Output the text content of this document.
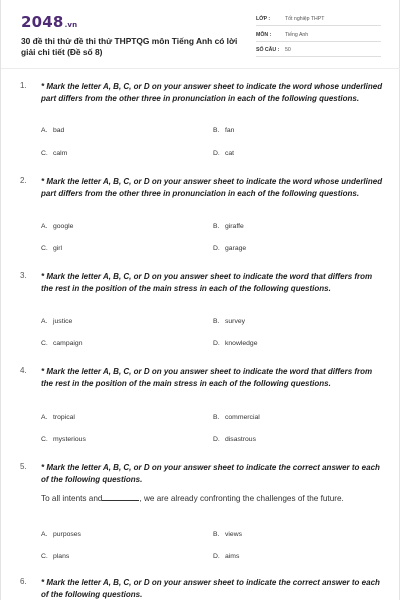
2048.vn
30 đề thi thử đề thi thử THPTQG môn Tiếng Anh có lời giải chi tiết (Đề số 8)
LỚP :	Tốt nghiệp THPT
MÔN :	Tiếng Anh
SỐ CÂU : 50
1. * Mark the letter A, B, C, or D on your answer sheet to indicate the word whose underlined part differs from the other three in pronunciation in each of the following questions.
A. bad	B. fan
C. calm	D. cat
2. * Mark the letter A, B, C, or D on your answer sheet to indicate the word whose underlined part differs from the other three in pronunciation in each of the following questions.
A. google	B. giraffe
C. girl	D. garage
3. * Mark the letter A, B, C, or D on you answer sheet to indicate the word that differs from the rest in the position of the main stress in each of the following questions.
A. justice	B. survey
C. campaign	D. knowledge
4. * Mark the letter A, B, C, or D on you answer sheet to indicate the word that differs from the rest in the position of the main stress in each of the following questions.
A. tropical	B. commercial
C. mysterious	D. disastrous
5. * Mark the letter A, B, C, or D on your answer sheet to indicate the correct answer to each of the following questions.
To all intents and	, we are already confronting the challenges of the future.
A. purposes	B. views
C. plans	D. aims
6. * Mark the letter A, B, C, or D on your answer sheet to indicate the correct answer to each of the following questions.
